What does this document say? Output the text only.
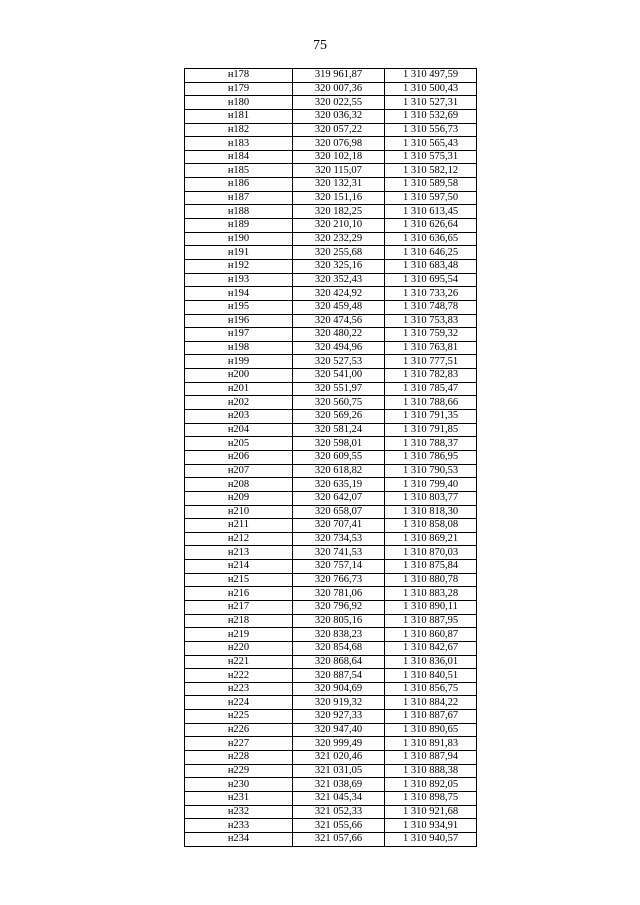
75
н178	319 961,87	1 310 497,59
н179	320 007,36	1 310 500,43
н180	320 022,55	1 310 527,31
н181	320 036,32	1 310 532,69
н182	320 057,22	1 310 556,73
н183	320 076,98	1 310 565,43
н184	320 102,18	1 310 575,31
н185	320 115,07	1 310 582,12
н186	320 132,31	1 310 589,58
н187	320 151,16	1 310 597,50
н188	320 182,25	1 310 613,45
н189	320 210,10	1 310 626,64
н190	320 232,29	1 310 636,65
н191	320 255,68	1 310 646,25
н192	320 325,16	1 310 683,48
н193	320 352,43	1 310 695,54
н194	320 424,92	1 310 733,26
н195	320 459,48	1 310 748,78
н196	320 474,56	1 310 753,83
н197	320 480,22	1 310 759,32
н198	320 494,96	1 310 763,81
н199	320 527,53	1 310 777,51
н200	320 541,00	1 310 782,83
н201	320 551,97	1 310 785,47
н202	320 560,75	1 310 788,66
н203	320 569,26	1 310 791,35
н204	320 581,24	1 310 791,85
н205	320 598,01	1 310 788,37
н206	320 609,55	1 310 786,95
н207	320 618,82	1 310 790,53
н208	320 635,19	1 310 799,40
н209	320 642,07	1 310 803,77
н210	320 658,07	1 310 818,30
н211	320 707,41	1 310 858,08
н212	320 734,53	1 310 869,21
н213	320 741,53	1 310 870,03
н214	320 757,14	1 310 875,84
н215	320 766,73	1 310 880,78
н216	320 781,06	1 310 883,28
н217	320 796,92	1 310 890,11
н218	320 805,16	1 310 887,95
н219	320 838,23	1 310 860,87
н220	320 854,68	1 310 842,67
н221	320 868,64	1 310 836,01
н222	320 887,54	1 310 840,51
н223	320 904,69	1 310 856,75
н224	320 919,32	1 310 884,22
н225	320 927,33	1 310 887,67
н226	320 947,40	1 310 890,65
н227	320 999,49	1 310 891,83
н228	321 020,46	1 310 887,94
н229	321 031,05	1 310 888,38
н230	321 038,69	1 310 892,05
н231	321 045,34	1 310 898,75
н232	321 052,33	1 310 921,68
н233	321 055,66	1 310 934,91
н234	321 057,66	1 310 940,57
